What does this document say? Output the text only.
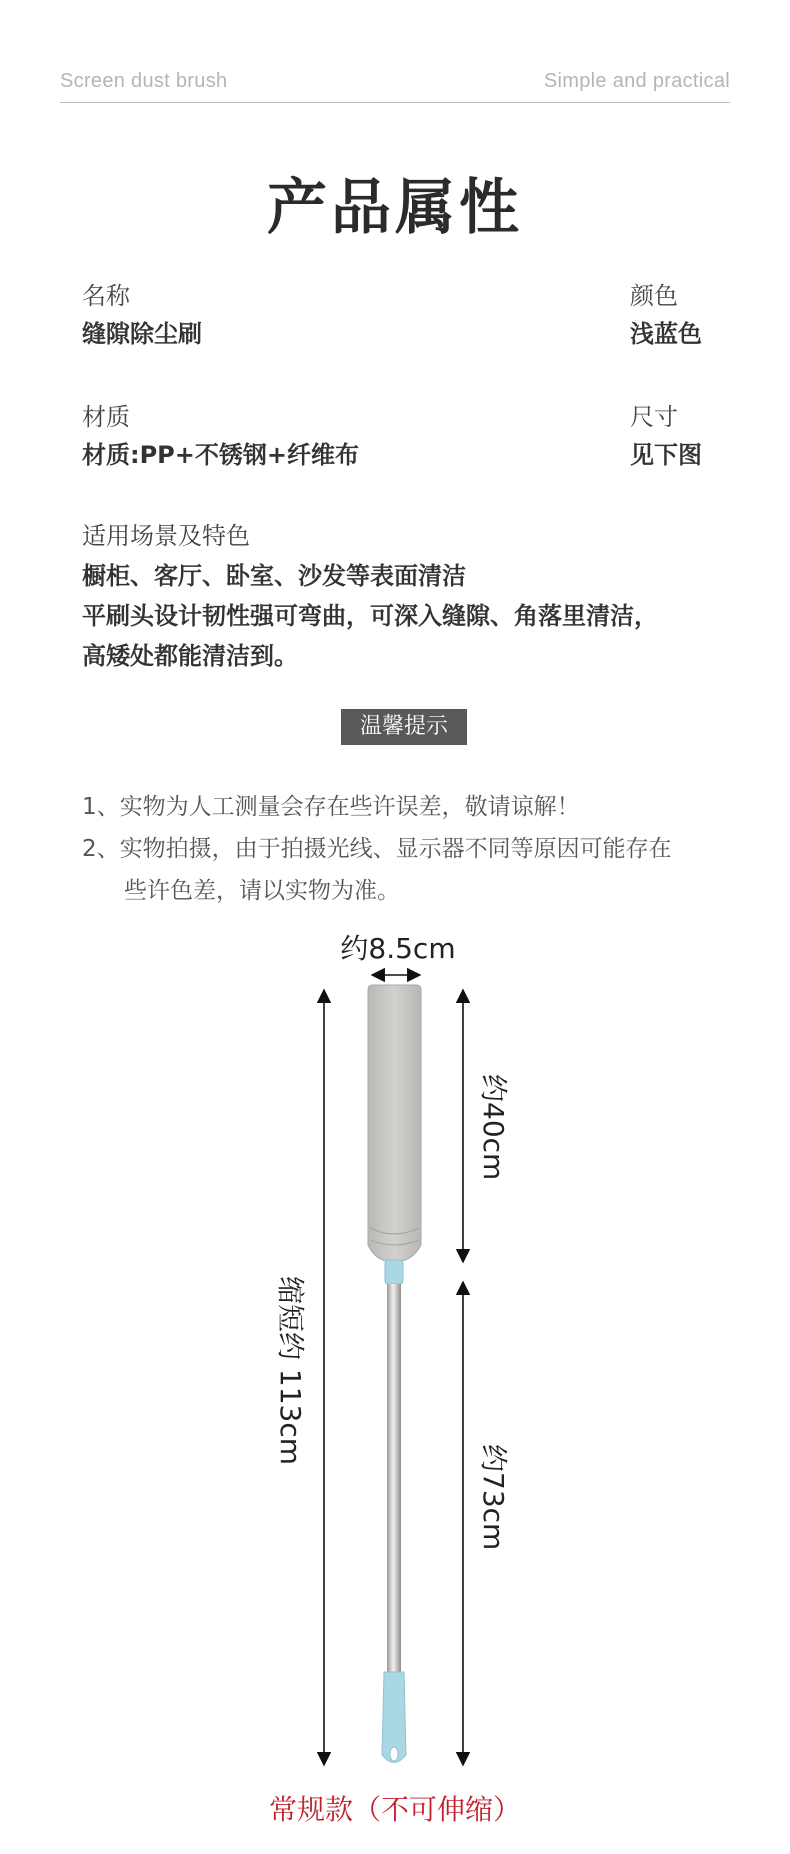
Screen dust brush	Simple and practical
产品属性
名称
缝隙除尘刷
颜色
浅蓝色
材质
材质:PP+不锈钢+纤维布
尺寸
见下图
适用场景及特色
橱柜、客厅、卧室、沙发等表面清洁
平刷头设计韧性强可弯曲，可深入缝隙、角落里清洁，
高矮处都能清洁到。
温馨提示
1、实物为人工测量会存在些许误差，敬请谅解！
2、实物拍摄，由于拍摄光线、显示器不同等原因可能存在
些许色差，请以实物为准。
约8.5cm
缩短约 113cm
约40cm
约73cm
常规款（不可伸缩）
